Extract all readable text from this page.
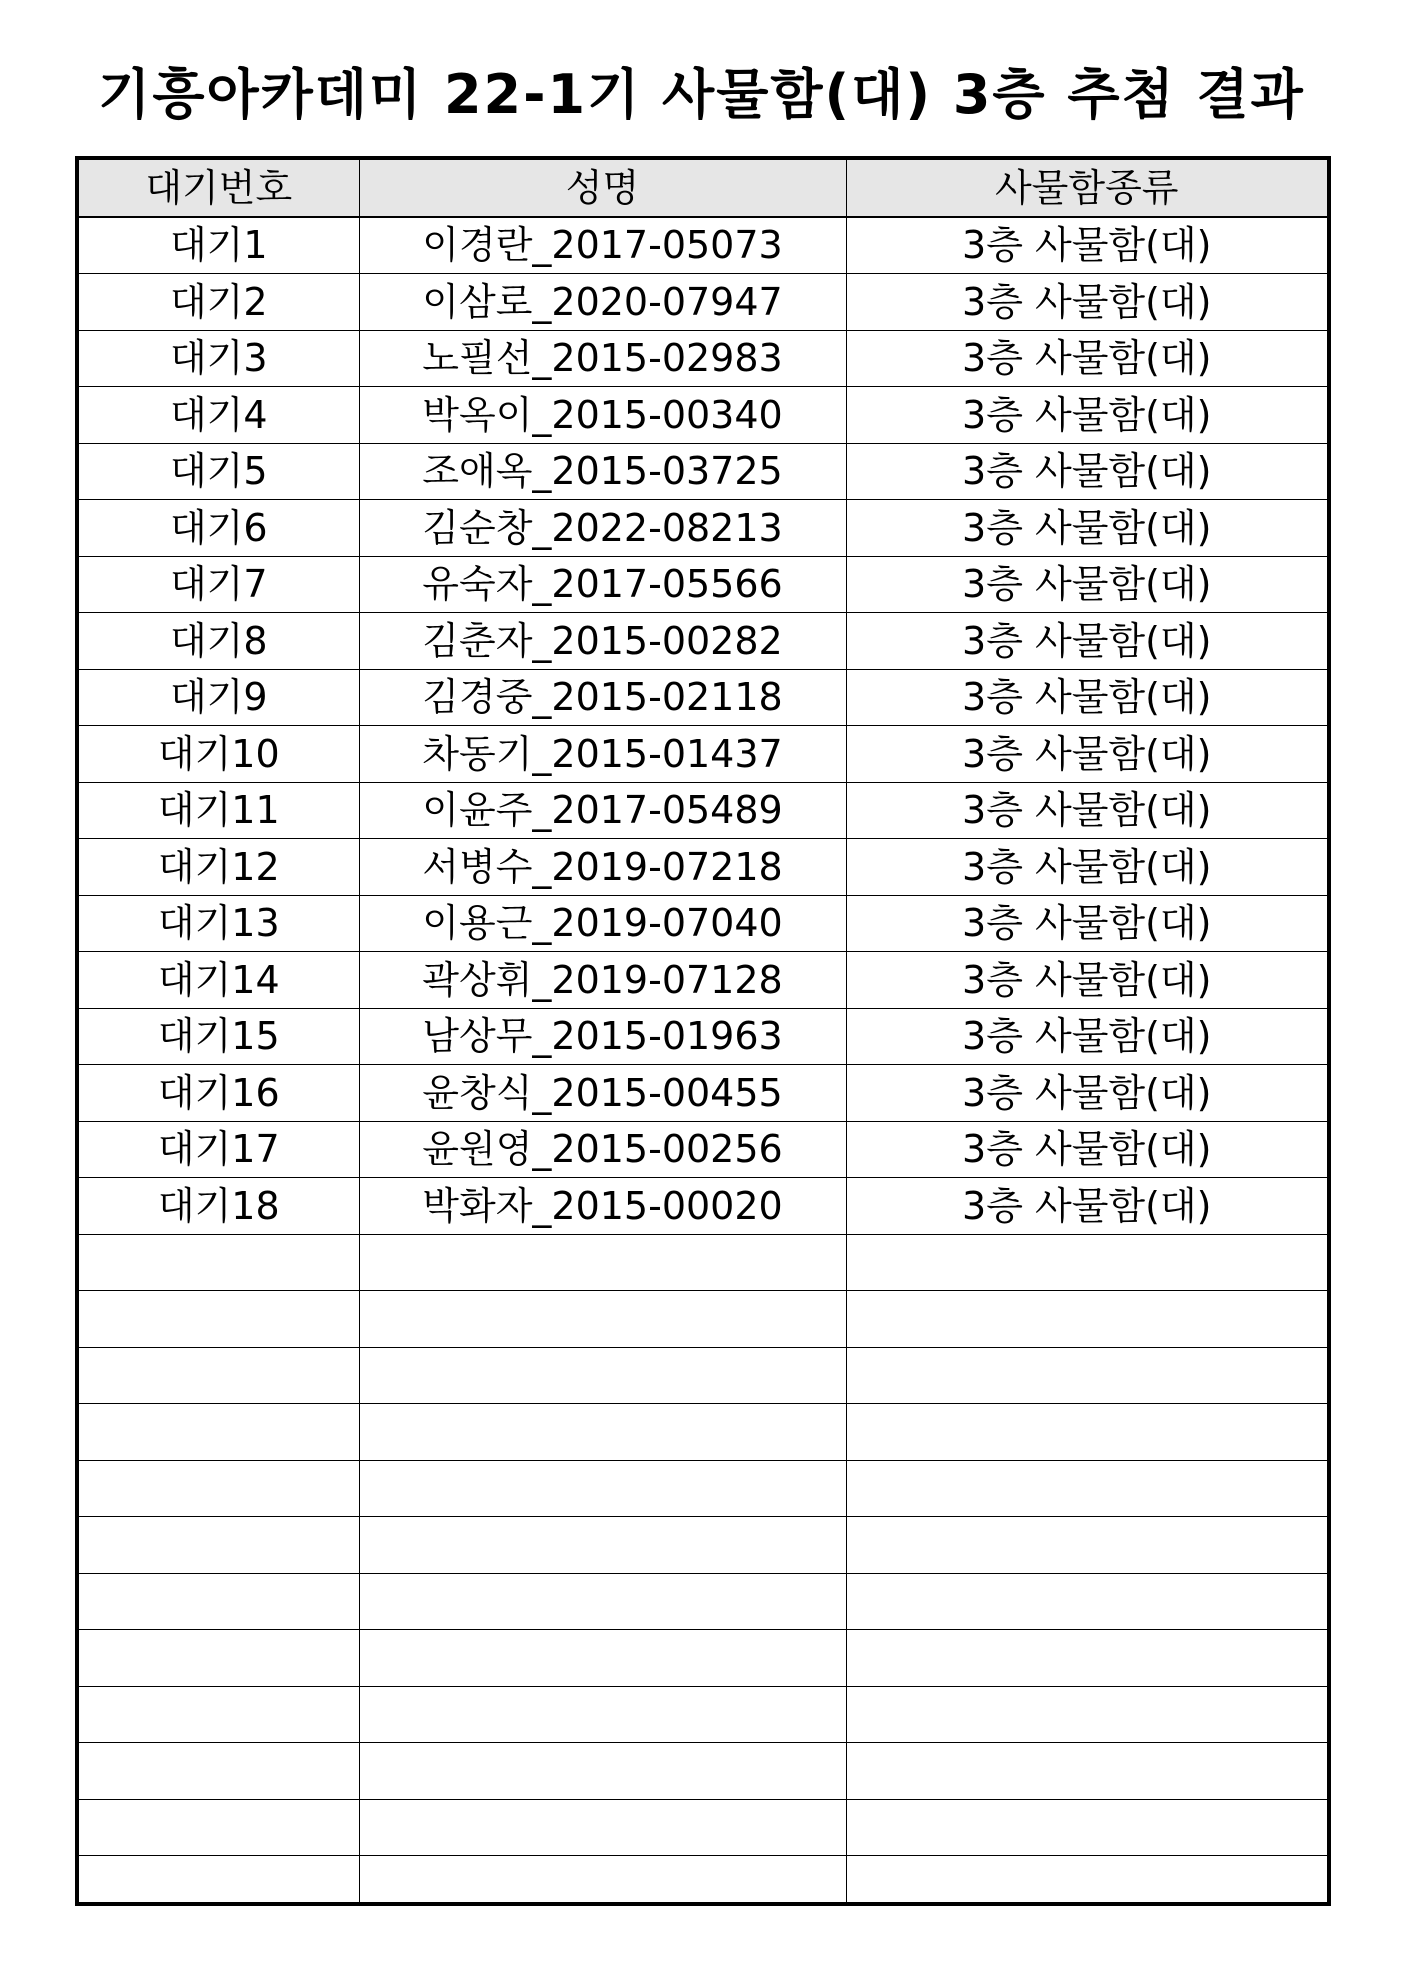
기흥아카데미 22-1기 사물함(대) 3층 추첨 결과
대기번호	성명	사물함종류
대기1	이경란_2017-05073	3층 사물함(대)
대기2	이삼로_2020-07947	3층 사물함(대)
대기3	노필선_2015-02983	3층 사물함(대)
대기4	박옥이_2015-00340	3층 사물함(대)
대기5	조애옥_2015-03725	3층 사물함(대)
대기6	김순창_2022-08213	3층 사물함(대)
대기7	유숙자_2017-05566	3층 사물함(대)
대기8	김춘자_2015-00282	3층 사물함(대)
대기9	김경중_2015-02118	3층 사물함(대)
대기10	차동기_2015-01437	3층 사물함(대)
대기11	이윤주_2017-05489	3층 사물함(대)
대기12	서병수_2019-07218	3층 사물함(대)
대기13	이용근_2019-07040	3층 사물함(대)
대기14	곽상휘_2019-07128	3층 사물함(대)
대기15	남상무_2015-01963	3층 사물함(대)
대기16	윤창식_2015-00455	3층 사물함(대)
대기17	윤원영_2015-00256	3층 사물함(대)
대기18	박화자_2015-00020	3층 사물함(대)
